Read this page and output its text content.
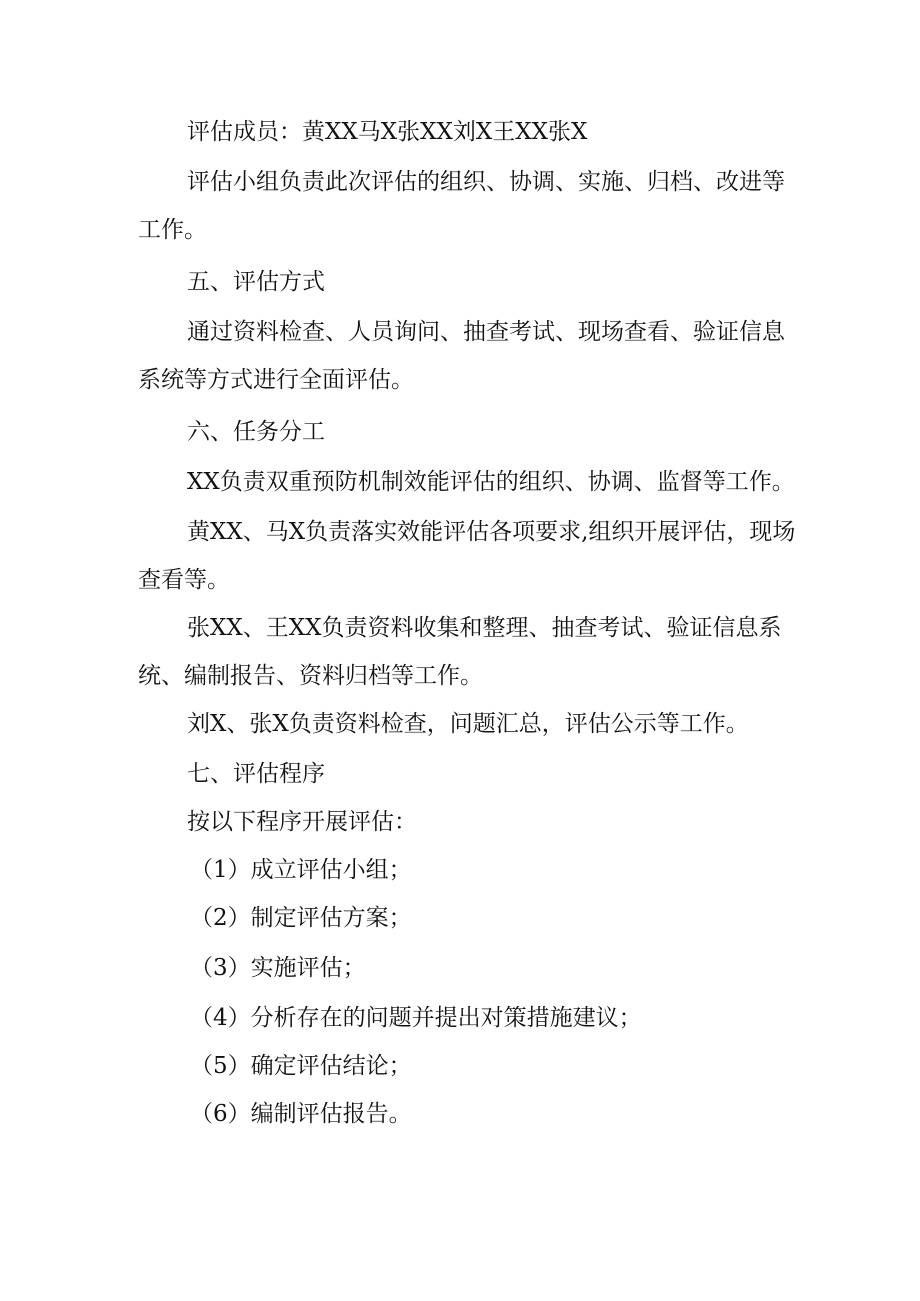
评估成员：黄XX马X张XX刘X王XX张X

评估小组负责此次评估的组织、协调、实施、归档、改进等工作。

五、评估方式

通过资料检查、人员询问、抽查考试、现场查看、验证信息系统等方式进行全面评估。

六、任务分工

XX负责双重预防机制效能评估的组织、协调、监督等工作。

黄XX、马X负责落实效能评估各项要求,组织开展评估，现场查看等。

张XX、王XX负责资料收集和整理、抽查考试、验证信息系统、编制报告、资料归档等工作。

刘X、张X负责资料检查，问题汇总，评估公示等工作。

七、评估程序

按以下程序开展评估：

（1）成立评估小组；

（2）制定评估方案；

（3）实施评估；

（4）分析存在的问题并提出对策措施建议；

（5）确定评估结论；

（6）编制评估报告。
